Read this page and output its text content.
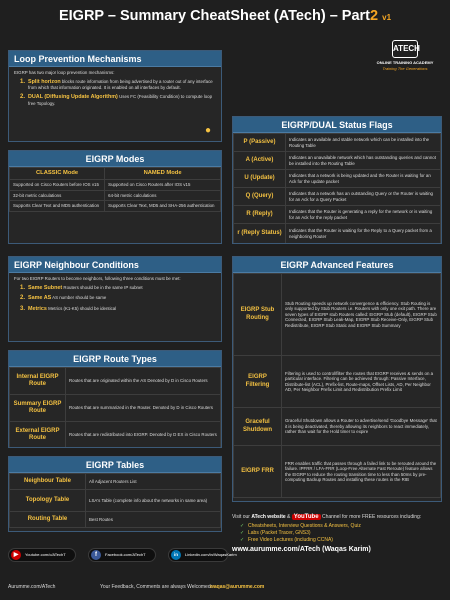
EIGRP – Summary CheatSheet (ATech) – Part2 v1
ATECH
ONLINE TRAINING ACADEMY
Training The Generations
Loop Prevention Mechanisms
EIGRP has two major loop prevention mechanisms:
1. Split horizon blocks route information from being advertised by a router out of any interface from which that information originated. It is enabled on all interfaces by default.
2. DUAL (Diffusing Update Algorithm) Uses FC (Feasibility Condition) to compute loop free Topology.
●
EIGRP Modes
CLASSIC Mode	NAMED Mode
Supported on Cisco Routers before IOS v15	Supported on Cisco Routers after IOS v15
32-bit metric calculations	64-bit metric calculations
Supports Clear Text and MD5 authentication	Supports Clear Text, MD5 and SHA-256 authentication
EIGRP Neighbour Conditions
For two EIGRP Routers to become neighbors, following three conditions must be met:
1. Same Subnet Routers should be in the same IP subnet
2. Same AS AS number should be same
3. Metrics Metrics (K1-K5) should be identical
EIGRP Route Types
Internal EIGRP Route	Routes that are originated within the AS Denoted by D in Cisco Routers
Summary EIGRP Route	Routes that are summarized in the Router. Denoted by D in Cisco Routers
External EIGRP Route	Routes that are redistributed into EIGRP. Denoted by D EX in Cisco Routers
EIGRP Tables
Neighbour Table	All Adjacent Routers List
Topology Table	LSA's Table (complete info about the networks in same area)
Routing Table	Best Routes
EIGRP/DUAL Status Flags
P (Passive)	Indicates an available and stable network which can be installed into the Routing Table
A (Active)	Indicates an unavailable network which has outstanding queries and cannot be installed into the Routing Table
U (Update)	Indicates that a network is being updated and the Router is waiting for an Ack for the update packet
Q (Query)	Indicates that a network has an outstanding Query or the Router is waiting for an Ack for a Query Packet
R (Reply)	Indicates that the Router is generating a reply for the network or is waiting for an Ack for the reply packet
r (Reply Status)	Indicates that the Router is waiting for the Reply to a Query packet from a neighboring Router
EIGRP Advanced Features
EIGRP Stub Routing	Stub Routing speeds up network convergence & efficiency. Stub Routing is only supported by Stub Routers i.e. Routers with only one exit path. There are seven types of EIGRP stub Routers called: EIGRP Stub (default), EIGRP Stub Connected, EIGRP Stub Leak-Map, EIGRP Stub Receive-Only, EIGRP Stub Redistribute, EIGRP Stub Static and EIGRP Stub Summary
EIGRP Filtering	Filtering is used to control/filter the routes that EIGRP receives & sends on a particular interface. Filtering can be achieved through: Passive Interface, Distribute-list (ACL), Prefix-list, Route-maps, Offset Lists, AD, Per Neighbor AD, Per Neighbor Prefix Limit and Redistribution Prefix Limit
Graceful Shutdown	Graceful Shutdown allows a Router to advertise/send 'Goodbye Message' that it is being deactivated, thereby allowing its neighbors to react immediately, rather than wait for the Hold timer to expire
EIGRP FRR	FRR enables traffic that passes through a failed link to be rerouted around the failure. IPFRR / LFA-FRR (Loop-Free Alternate Fast Reroute) feature allows the EIGRP to reduce the routing transition time to less than 50ms by pre-computing Backup Routes and installing these routes in the RIB
Visit our ATech website & YouTube Channel for more FREE resources including:
✓ Cheatsheets, Interview Questions & Answers, Quiz
✓ Labs (Packet Tracer, GNS3)
✓ Free Video Lectures (including CCNA)
www.aurumme.com/ATech (Waqas Karim)
▶	Youtube.com/c/ATechT	f	Facebook.com/ATechT	in	Linkedin.com/in/WaqasKarim
Aurumme.com/ATech	Your Feedback, Comments are always Welcomed:
waqas@aurumme.com
